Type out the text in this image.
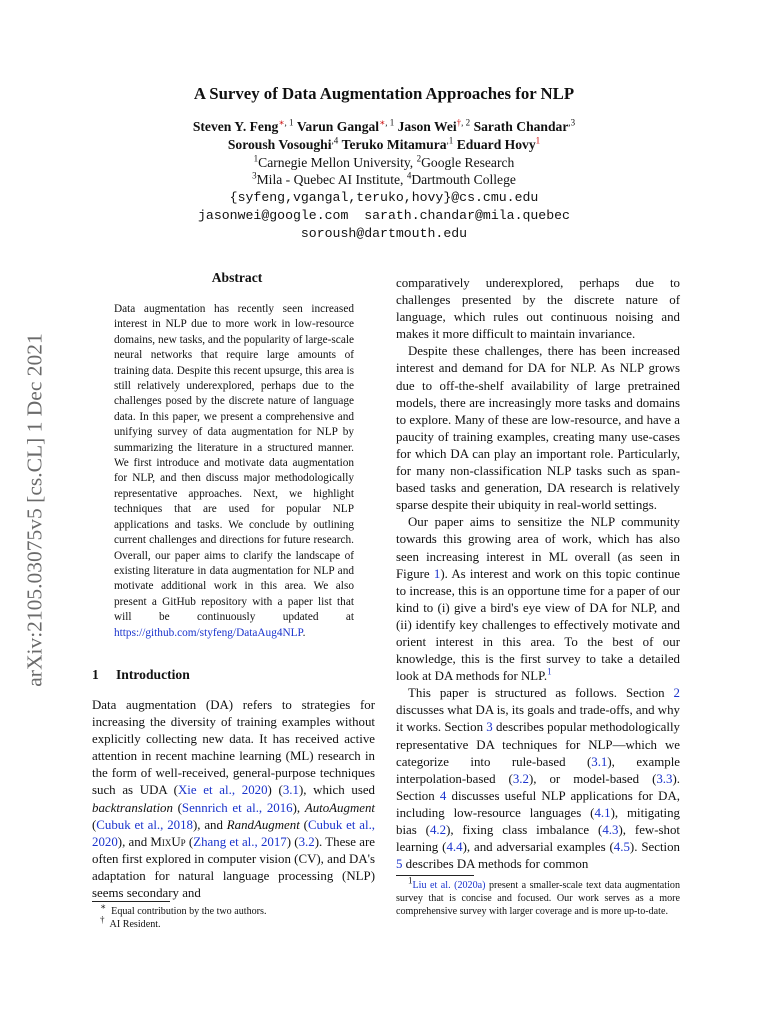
arXiv:2105.03075v5 [cs.CL] 1 Dec 2021
A Survey of Data Augmentation Approaches for NLP
Steven Y. Feng$^{∗, 1}$ Varun Gangal$^{∗, 1}$ Jason Wei$^{\dagger, 2}$ Sarath Chandar$^{,3}$
Soroush Vosoughi$^{,4}$ Teruko Mitamura$^{,1}$ Eduard Hovy$^1$
$^1$Carnegie Mellon University, $^2$Google Research
$^3$Mila - Quebec AI Institute, $^4$Dartmouth College
{syfeng,vgangal,teruko,hovy}@cs.cmu.edu
jasonwei@google.com  sarath.chandar@mila.quebec
soroush@dartmouth.edu
Abstract

Data augmentation has recently seen increased interest in NLP due to more work in low-resource domains, new tasks, and the popularity of large-scale neural networks that require large amounts of training data. Despite this recent upsurge, this area is still relatively underexplored, perhaps due to the challenges posed by the discrete nature of language data. In this paper, we present a comprehensive and unifying survey of data augmentation for NLP by summarizing the literature in a structured manner. We first introduce and motivate data augmentation for NLP, and then discuss major methodologically representative approaches. Next, we highlight techniques that are used for popular NLP applications and tasks. We conclude by outlining current challenges and directions for future research. Overall, our paper aims to clarify the landscape of existing literature in data augmentation for NLP and motivate additional work in this area. We also present a GitHub repository with a paper list that will be continuously updated at https://github.com/styfeng/DataAug4NLP.

1 Introduction

Data augmentation (DA) refers to strategies for increasing the diversity of training examples without explicitly collecting new data. It has received active attention in recent machine learning (ML) research in the form of well-received, general-purpose techniques such as UDA (Xie et al., 2020) (3.1), which used backtranslation (Sennrich et al., 2016), AutoAugment (Cubuk et al., 2018), and RandAugment (Cubuk et al., 2020), and MixUp (Zhang et al., 2017) (3.2). These are often first explored in computer vision (CV), and DA's adaptation for natural language processing (NLP) seems secondary and

∗ Equal contribution by the two authors.
† AI Resident.

comparatively underexplored, perhaps due to challenges presented by the discrete nature of language, which rules out continuous noising and makes it more difficult to maintain invariance.

Despite these challenges, there has been increased interest and demand for DA for NLP. As NLP grows due to off-the-shelf availability of large pretrained models, there are increasingly more tasks and domains to explore. Many of these are low-resource, and have a paucity of training examples, creating many use-cases for which DA can play an important role. Particularly, for many non-classification NLP tasks such as span-based tasks and generation, DA research is relatively sparse despite their ubiquity in real-world settings.

Our paper aims to sensitize the NLP community towards this growing area of work, which has also seen increasing interest in ML overall (as seen in Figure 1). As interest and work on this topic continue to increase, this is an opportune time for a paper of our kind to (i) give a bird's eye view of DA for NLP, and (ii) identify key challenges to effectively motivate and orient interest in this area. To the best of our knowledge, this is the first survey to take a detailed look at DA methods for NLP.$^1$

This paper is structured as follows. Section 2 discusses what DA is, its goals and trade-offs, and why it works. Section 3 describes popular methodologically representative DA techniques for NLP—which we categorize into rule-based (3.1), example interpolation-based (3.2), or model-based (3.3). Section 4 discusses useful NLP applications for DA, including low-resource languages (4.1), mitigating bias (4.2), fixing class imbalance (4.3), few-shot learning (4.4), and adversarial examples (4.5). Section 5 describes DA methods for common

$^1$Liu et al. (2020a) present a smaller-scale text data augmentation survey that is concise and focused. Our work serves as a more comprehensive survey with larger coverage and is more up-to-date.
